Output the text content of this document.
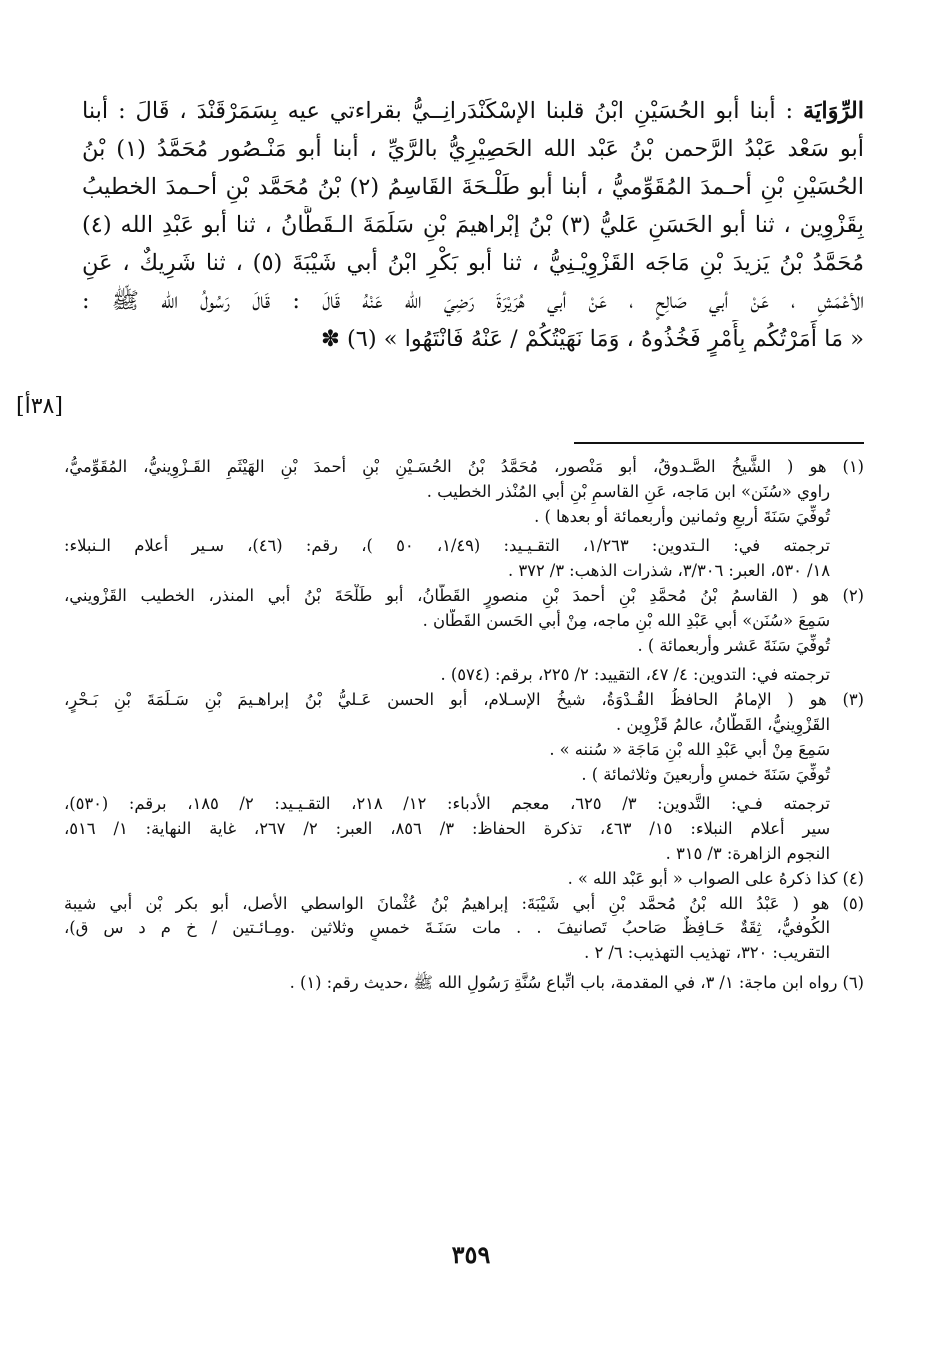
الرِّوَايَة : أبنا أبو الحُسَيْنِ ابْنُ قلبنا الإسْكَنْدَرانِــيُّ بقراءتي عيه بِسَمَرْقَنْدَ ، قَالَ : أبنا
أبو سَعْد عَبْدُ الرَّحمن بْنُ عَبْد الله الحَصِيْرِيُّ بالرَّيِّ ، أبنا أبو مَنْـصُور مُحَمَّدُ (١) بْنُ
الحُسَيْنِ بْنِ أحـمدَ المُقَوِّميُّ ، أبنا أبو طَلْـحَةَ القَاسِمُ (٢) بْنُ مُحَمَّد بْنِ أحـمدَ الخطيبُ
بِقَزْوِين ، ثنا أبو الحَسَنِ عَليُّ (٣) بْنُ إبْراهيمَ بْنِ سَلَمَةَ الـقَطَّانُ ، ثنا أبو عَبْدِ الله (٤)
مُحَمَّدُ بْنُ يَزيدَ بْنِ مَاجَه القَزْوِيْـنِيُّ ، ثنا أبو بَكْرِ ابْنُ أبي شَيْبَةَ (٥) ، ثنا شَرِيكٌ ، عَنِ
الأعْمَشِ ، عَنْ أبي صَالِحٍ ، عَنْ أبي هُرَيْرَةَ رَضِيَ الله عَنْهُ قَالَ : قَالَ رَسُولُ الله ﷺ :
« مَا أَمَرْتُكُم بِأَمْرٍ فَخُذُوهُ ، وَمَا نَهَيْتُكُمْ / عَنْهُ فَانْتَهُوا » (٦) ✽
[٣٨أ]
(١) هو ( الشَّيخُ الصَّـدوقُ، أبو مَنْصور، مُحَمَّدُ بْنُ الحُسَـيْنِ بْنِ أحمدَ بْنِ الهَيْثَمِ القَـزْوِينيُّ، المُقَوِّميُّ،
راوي «سُنَن» ابن مَاجه، عَنِ القاسمِ بْنِ أبي المُنْذر الخطيب .
تُوفِّيَ سَنَةَ أربعٍ وثمانين وأربعمائة أو بعدها ) .
ترجمته في: الـتدوين: ١/٢٦٣، التقـيـيد: (١/٤٩، ٥٠ )، رقم: (٤٦)، سـير أعلام الـنبلاء:
١٨/ ٥٣٠، العبر: ٣/٣٠٦، شذرات الذهب: ٣/ ٣٧٢ .
(٢) هو ( القاسمُ بْنُ مُحمَّدِ بْنِ أحمدَ بْنِ منصورٍ القَطَّانُ، أبو طَلْحَةَ بْنُ أبي المنذر، الخطيب القَزْويني،
سَمِعَ «سُنَن» أبي عَبْدِ الله بْنِ ماجه، مِنْ أبي الحَسن القَطَّان .
تُوفِّيَ سَنَةَ عَشر وأربعمائة ) .
ترجمته في: التدوين: ٤/ ٤٧، التقييد: ٢/ ٢٢٥، برقم: (٥٧٤) .
(٣) هو ( الإمامُ الحافظُ القُـدْوَةُ، شيخُ الإسـلام، أبو الحسن عَـليُّ بْنُ إبراهـيمَ بْنِ سَـلَمَةَ بْنِ بَـحْرٍ،
القَزْوِينيُّ، القَطَّانُ، عالمُ قَزْوِين .
سَمِعَ مِنْ أبي عَبْدِ الله بْنِ مَاجَة « سُننه » .
تُوفِّيَ سَنَةَ خمسٍ وأربعينَ وثلاثمائة ) .
ترجمته فـي: التَّدوين: ٣/ ٦٢٥، معجم الأدباء: ١٢/ ٢١٨، التقـيـيد: ٢/ ١٨٥، برقم: (٥٣٠)،
سير أعلام النبلاء: ١٥/ ٤٦٣، تذكرة الحفاظ: ٣/ ٨٥٦، العبر: ٢/ ٢٦٧، غاية النهاية: ١/ ٥١٦،
النجوم الزاهرة: ٣/ ٣١٥ .
(٤) كذا ذكرهُ على الصواب « أبو عَبْد الله » .
(٥) هو ( عَبْدُ الله بْنُ مُحمَّد بْنِ أبي شَيْبَةَ: إبراهيمُ بْنُ عُثْمانَ الواسطي الأصل، أبو بكر بْن أبي شيبة
الكُوفيُّ، ثِقَةٌ حَـافِظٌ صَاحبُ تَصانيفَ . . مات سَنَـةَ خمسٍ وثلاثين .ومِـائـتين / خ م د س ق)،
التقريب: ٣٢٠، تهذيب التهذيب: ٦/ ٢ .
(٦) رواه ابن ماجة: ١/ ٣، في المقدمة، باب اتِّباع سُنَّةِ رَسُولِ الله ﷺ ،حديث رقم: (١) .
٣٥٩
